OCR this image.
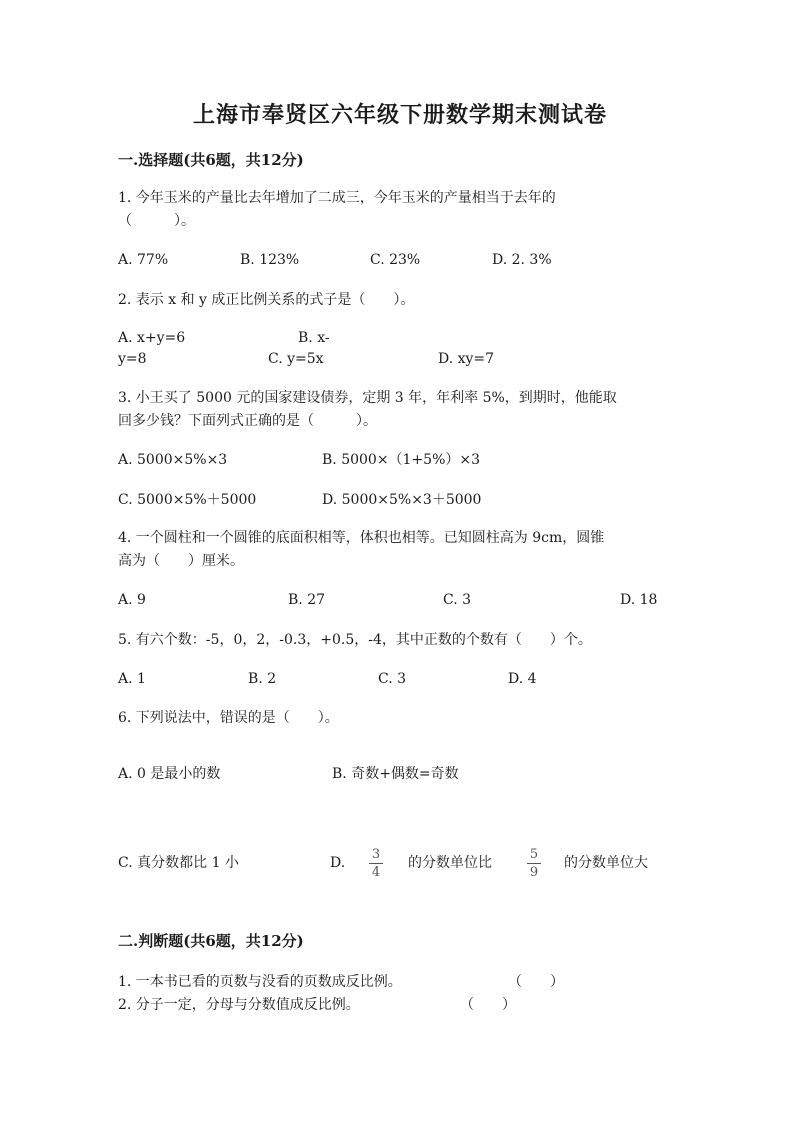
上海市奉贤区六年级下册数学期末测试卷
一.选择题(共6题，共12分)
1. 今年玉米的产量比去年增加了二成三，今年玉米的产量相当于去年的
（　　　）。
A. 77%	B. 123%	C. 23%	D. 2. 3%
2. 表示 x 和 y 成正比例关系的式子是（　　）。
A. x+y=6	B. x-
y=8	C. y=5x	D. xy=7
3. 小王买了 5000 元的国家建设债券，定期 3 年，年利率 5%，到期时，他能取
回多少钱？下面列式正确的是（　　　）。
A. 5000×5%×3	B. 5000×（1+5%）×3
C. 5000×5%＋5000	D. 5000×5%×3＋5000
4. 一个圆柱和一个圆锥的底面积相等，体积也相等。已知圆柱高为 9cm，圆锥
高为（　　）厘米。
A. 9	B. 27	C. 3	D. 18
5. 有六个数：-5，0，2，-0.3，+0.5，-4，其中正数的个数有（　　）个。
A. 1	B. 2	C. 3	D. 4
6. 下列说法中，错误的是（　　）。
A. 0 是最小的数	B. 奇数+偶数=奇数
C. 真分数都比 1 小	D.
3
4
的分数单位比
5
9
的分数单位大
二.判断题(共6题，共12分)
1. 一本书已看的页数与没看的页数成反比例。	（　　）
2. 分子一定，分母与分数值成反比例。	（　　）
